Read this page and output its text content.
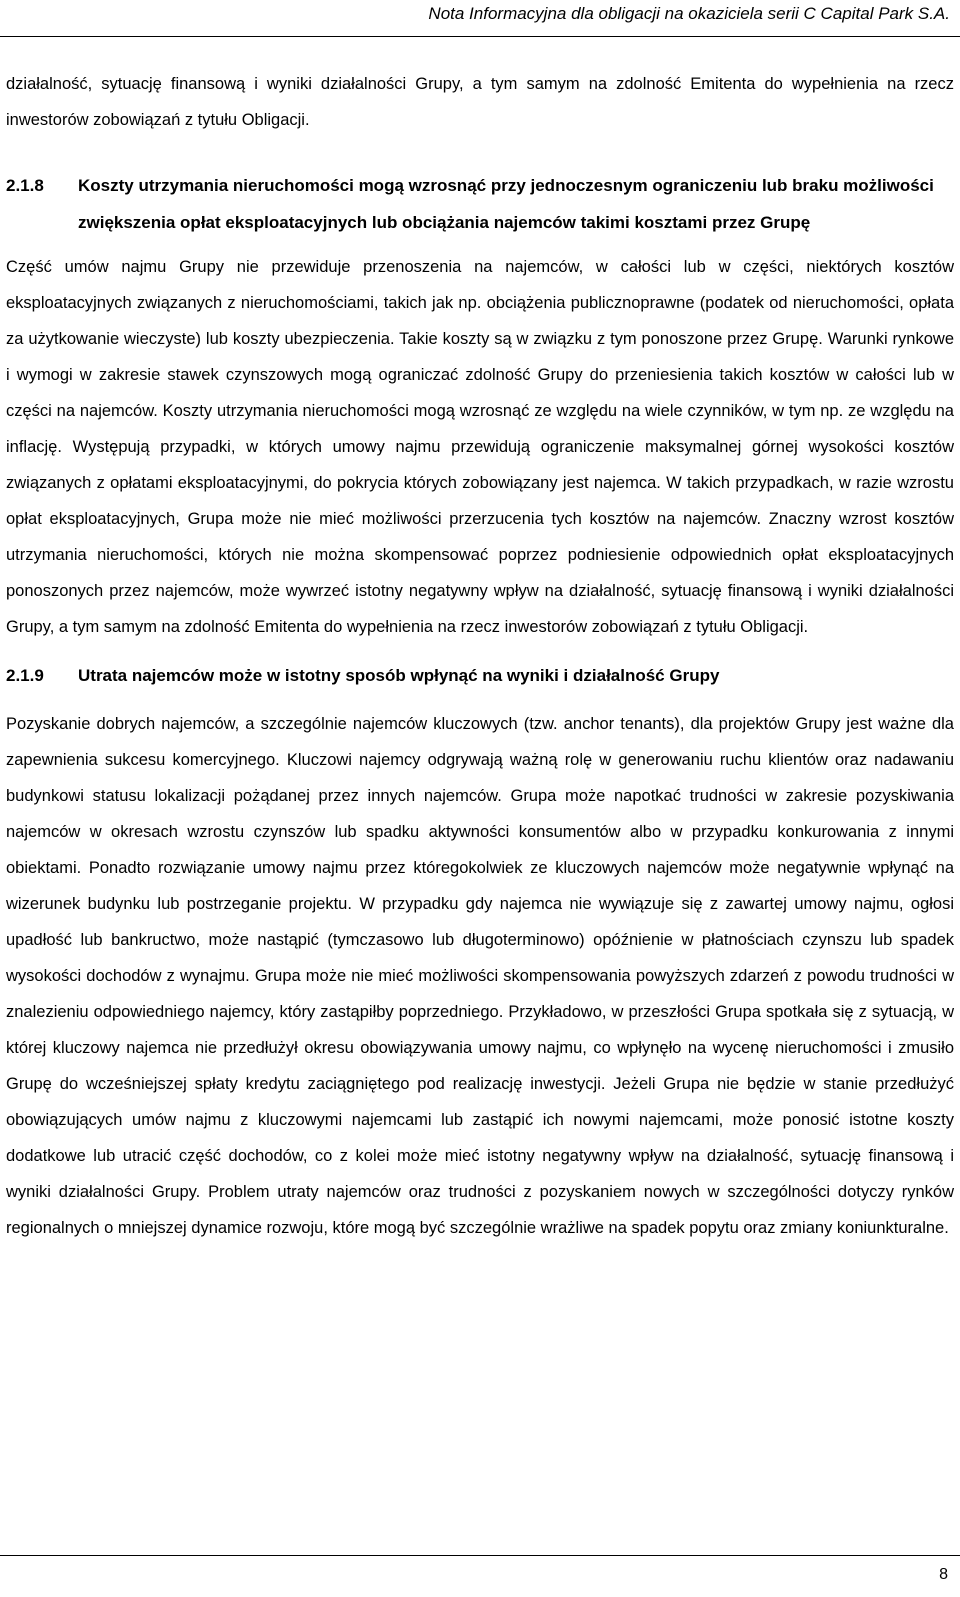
Nota Informacyjna dla obligacji na okaziciela serii C Capital Park S.A.

działalność, sytuację finansową i wyniki działalności Grupy, a tym samym na zdolność Emitenta do wypełnienia na rzecz inwestorów zobowiązań z tytułu Obligacji.

2.1.8	Koszty utrzymania nieruchomości mogą wzrosnąć przy jednoczesnym ograniczeniu lub braku możliwości zwiększenia opłat eksploatacyjnych lub obciążania najemców takimi kosztami przez Grupę

Część umów najmu Grupy nie przewiduje przenoszenia na najemców, w całości lub w części, niektórych kosztów eksploatacyjnych związanych z nieruchomościami, takich jak np. obciążenia publicznoprawne (podatek od nieruchomości, opłata za użytkowanie wieczyste) lub koszty ubezpieczenia. Takie koszty są w związku z tym ponoszone przez Grupę. Warunki rynkowe i wymogi w zakresie stawek czynszowych mogą ograniczać zdolność Grupy do przeniesienia takich kosztów w całości lub w części na najemców. Koszty utrzymania nieruchomości mogą wzrosnąć ze względu na wiele czynników, w tym np. ze względu na inflację. Występują przypadki, w których umowy najmu przewidują ograniczenie maksymalnej górnej wysokości kosztów związanych z opłatami eksploatacyjnymi, do pokrycia których zobowiązany jest najemca. W takich przypadkach, w razie wzrostu opłat eksploatacyjnych, Grupa może nie mieć możliwości przerzucenia tych kosztów na najemców. Znaczny wzrost kosztów utrzymania nieruchomości, których nie można skompensować poprzez podniesienie odpowiednich opłat eksploatacyjnych ponoszonych przez najemców, może wywrzeć istotny negatywny wpływ na działalność, sytuację finansową i wyniki działalności Grupy, a tym samym na zdolność Emitenta do wypełnienia na rzecz inwestorów zobowiązań z tytułu Obligacji.

2.1.9	Utrata najemców może w istotny sposób wpłynąć na wyniki i działalność Grupy

Pozyskanie dobrych najemców, a szczególnie najemców kluczowych (tzw. anchor tenants), dla projektów Grupy jest ważne dla zapewnienia sukcesu komercyjnego. Kluczowi najemcy odgrywają ważną rolę w generowaniu ruchu klientów oraz nadawaniu budynkowi statusu lokalizacji pożądanej przez innych najemców. Grupa może napotkać trudności w zakresie pozyskiwania najemców w okresach wzrostu czynszów lub spadku aktywności konsumentów albo w przypadku konkurowania z innymi obiektami. Ponadto rozwiązanie umowy najmu przez któregokolwiek ze kluczowych najemców może negatywnie wpłynąć na wizerunek budynku lub postrzeganie projektu. W przypadku gdy najemca nie wywiązuje się z zawartej umowy najmu, ogłosi upadłość lub bankructwo, może nastąpić (tymczasowo lub długoterminowo) opóźnienie w płatnościach czynszu lub spadek wysokości dochodów z wynajmu. Grupa może nie mieć możliwości skompensowania powyższych zdarzeń z powodu trudności w znalezieniu odpowiedniego najemcy, który zastąpiłby poprzedniego. Przykładowo, w przeszłości Grupa spotkała się z sytuacją, w której kluczowy najemca nie przedłużył okresu obowiązywania umowy najmu, co wpłynęło na wycenę nieruchomości i zmusiło Grupę do wcześniejszej spłaty kredytu zaciągniętego pod realizację inwestycji. Jeżeli Grupa nie będzie w stanie przedłużyć obowiązujących umów najmu z kluczowymi najemcami lub zastąpić ich nowymi najemcami, może ponosić istotne koszty dodatkowe lub utracić część dochodów, co z kolei może mieć istotny negatywny wpływ na działalność, sytuację finansową i wyniki działalności Grupy. Problem utraty najemców oraz trudności z pozyskaniem nowych w szczególności dotyczy rynków regionalnych o mniejszej dynamice rozwoju, które mogą być szczególnie wrażliwe na spadek popytu oraz zmiany koniunkturalne.

8
